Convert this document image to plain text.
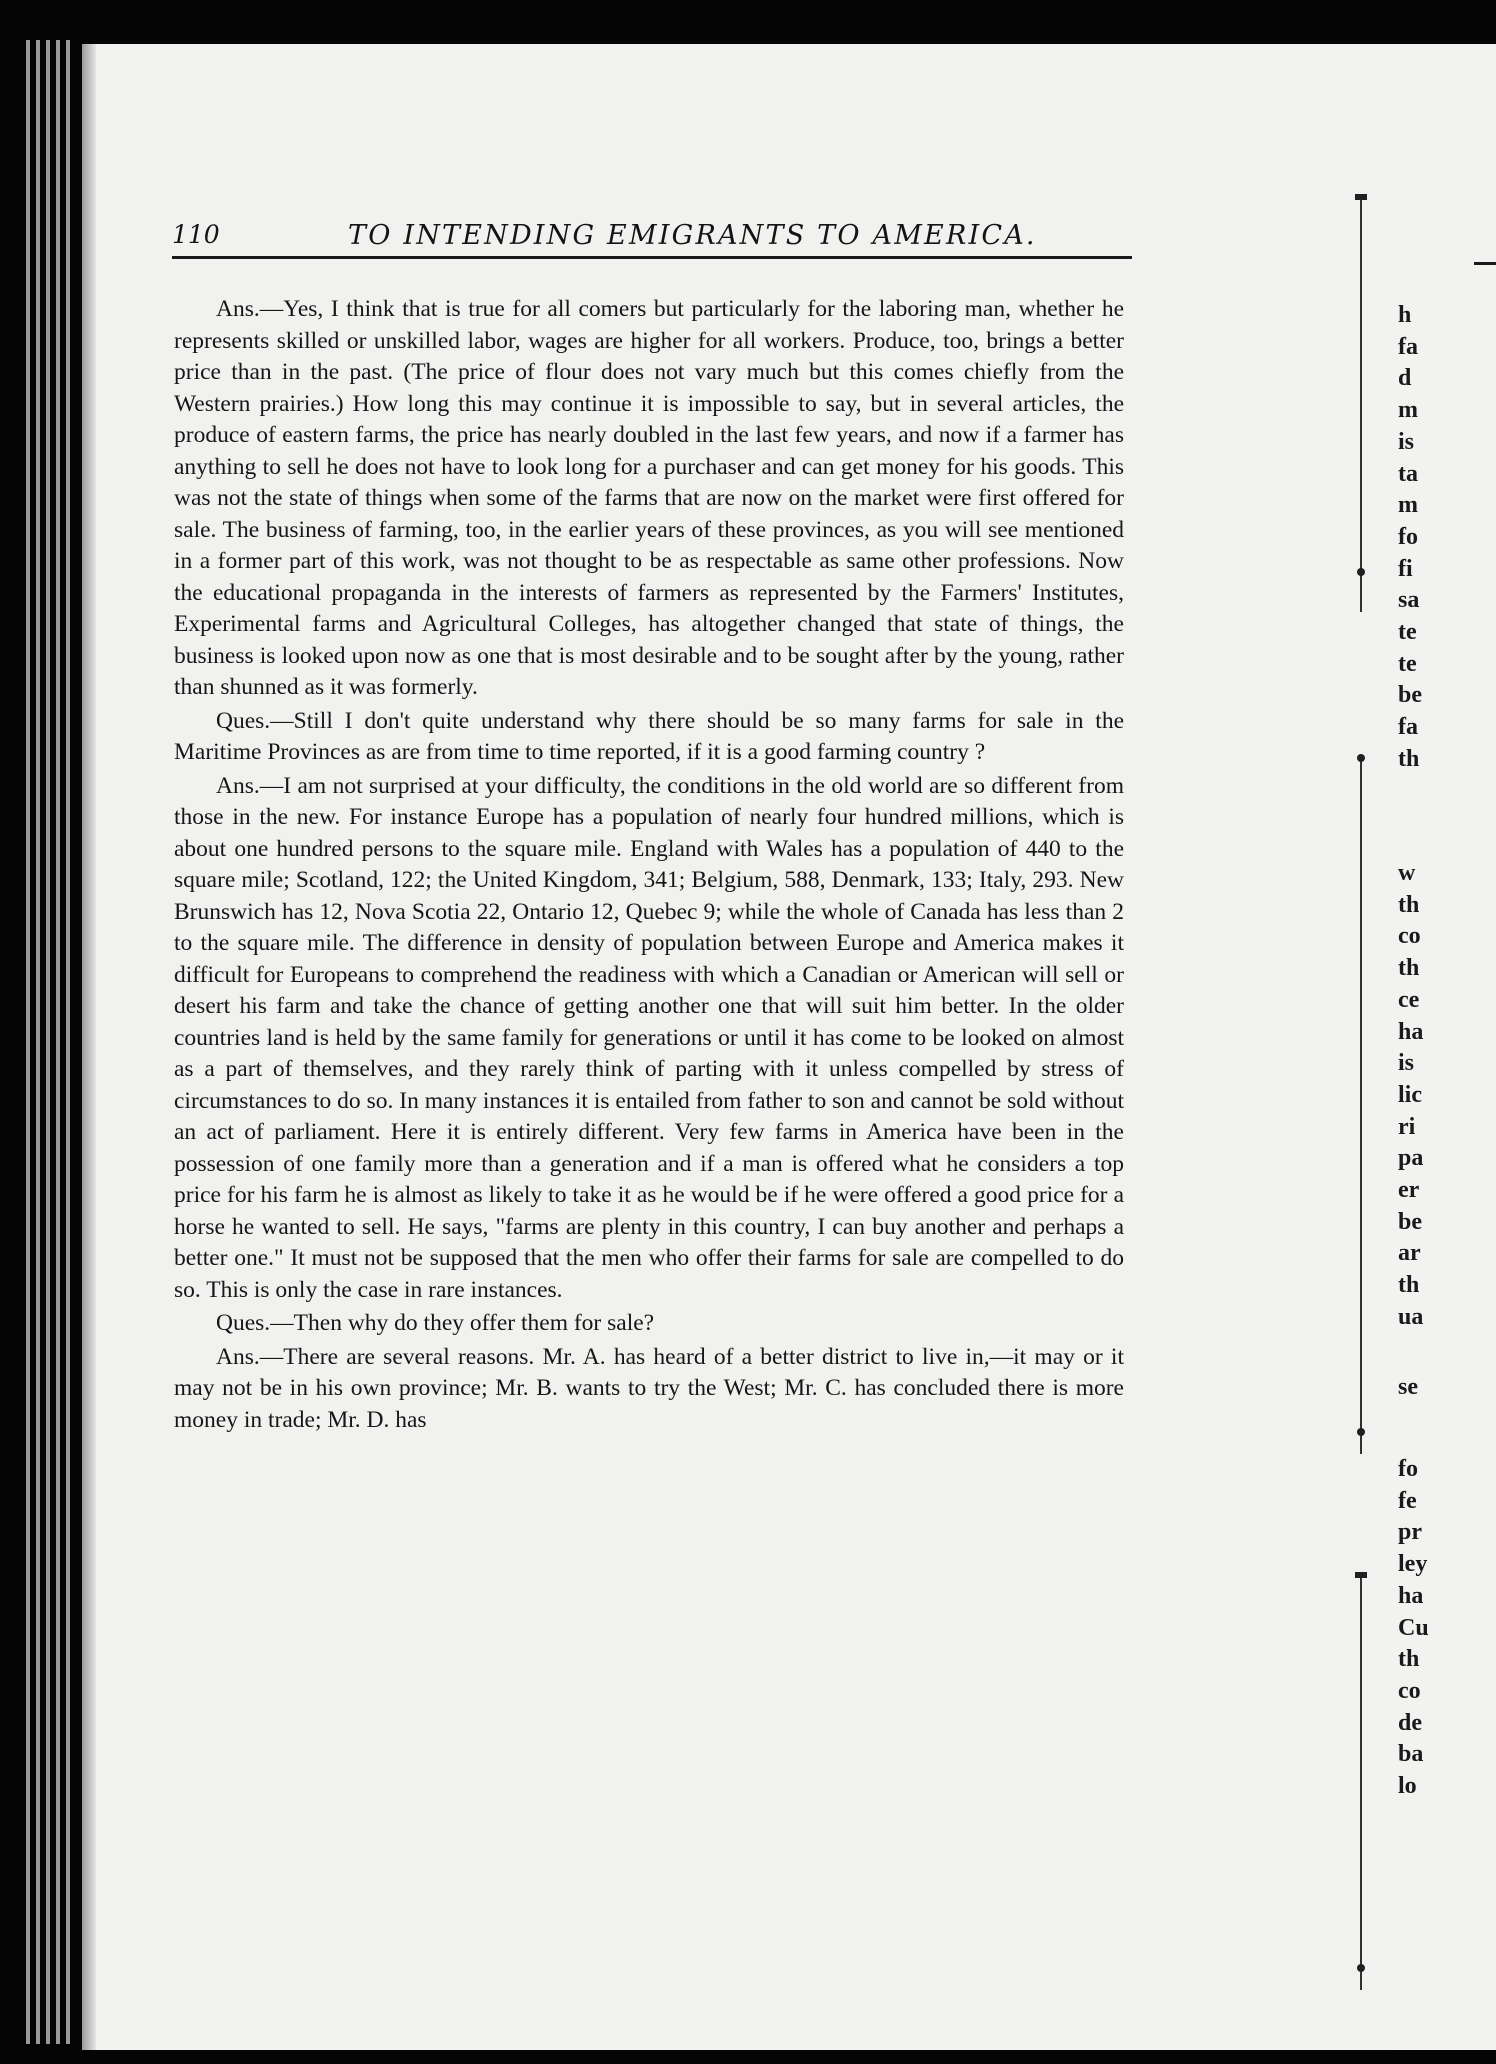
110	TO INTENDING EMIGRANTS TO AMERICA.

Ans.—Yes, I think that is true for all comers but particularly for the laboring man, whether he represents skilled or unskilled labor, wages are higher for all workers. Produce, too, brings a better price than in the past. (The price of flour does not vary much but this comes chiefly from the Western prairies.) How long this may continue it is impossible to say, but in several articles, the produce of eastern farms, the price has nearly doubled in the last few years, and now if a farmer has anything to sell he does not have to look long for a purchaser and can get money for his goods. This was not the state of things when some of the farms that are now on the market were first offered for sale. The business of farming, too, in the earlier years of these provinces, as you will see mentioned in a former part of this work, was not thought to be as respectable as same other professions. Now the educational propaganda in the interests of farmers as represented by the Farmers' Institutes, Experimental farms and Agricultural Colleges, has altogether changed that state of things, the business is looked upon now as one that is most desirable and to be sought after by the young, rather than shunned as it was formerly.

Ques.—Still I don't quite understand why there should be so many farms for sale in the Maritime Provinces as are from time to time reported, if it is a good farming country ?

Ans.—I am not surprised at your difficulty, the conditions in the old world are so different from those in the new. For instance Europe has a population of nearly four hundred millions, which is about one hundred persons to the square mile. England with Wales has a population of 440 to the square mile; Scotland, 122; the United Kingdom, 341; Belgium, 588, Denmark, 133; Italy, 293. New Brunswich has 12, Nova Scotia 22, Ontario 12, Quebec 9; while the whole of Canada has less than 2 to the square mile. The difference in density of population between Europe and America makes it difficult for Europeans to comprehend the readiness with which a Canadian or American will sell or desert his farm and take the chance of getting another one that will suit him better. In the older countries land is held by the same family for generations or until it has come to be looked on almost as a part of themselves, and they rarely think of parting with it unless compelled by stress of circumstances to do so. In many instances it is entailed from father to son and cannot be sold without an act of parliament. Here it is entirely different. Very few farms in America have been in the possession of one family more than a generation and if a man is offered what he considers a top price for his farm he is almost as likely to take it as he would be if he were offered a good price for a horse he wanted to sell. He says, "farms are plenty in this country, I can buy another and perhaps a better one." It must not be supposed that the men who offer their farms for sale are compelled to do so. This is only the case in rare instances.

Ques.—Then why do they offer them for sale?

Ans.—There are several reasons. Mr. A. has heard of a better district to live in,—it may or it may not be in his own province; Mr. B. wants to try the West; Mr. C. has concluded there is more money in trade; Mr. D. has

h
fa
d
m
is
ta
m
fo
fi
sa
te
te
be
fa
th
w
th
co
th
ce
ha
is
lic
ri
pa
er
be
ar
th
ua
se
fo
fe
pr
ley
ha
Cu
th
co
de
ba
lo
